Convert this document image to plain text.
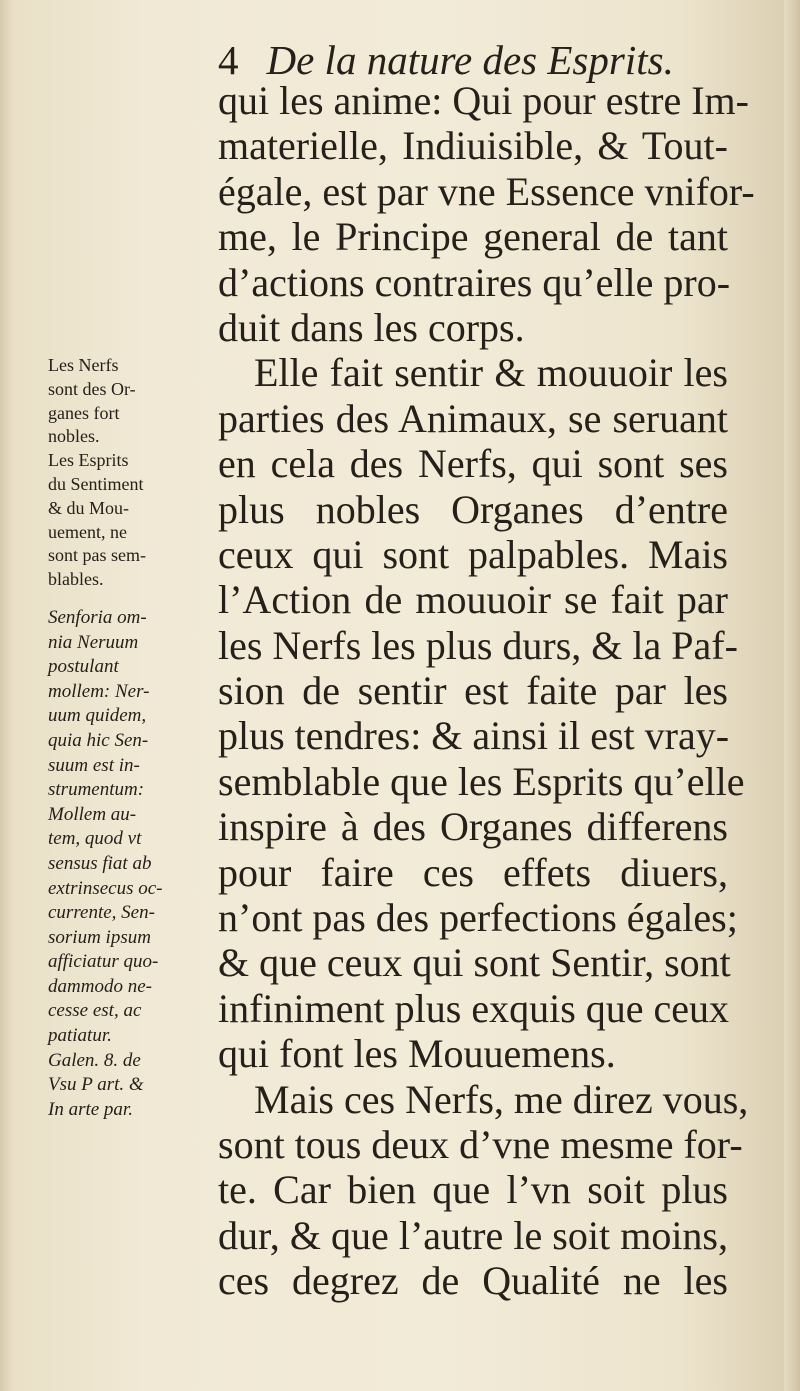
4 De la nature des Esprits.
qui les anime: Qui pour estre Im-
materielle, Indiuisible, & Tout-
égale, est par vne Essence vnifor-
me, le Principe general de tant
d’actions contraires qu’elle pro-
duit dans les corps.
Elle fait sentir & mouuoir les
parties des Animaux, se seruant
en cela des Nerfs, qui sont ses
plus nobles Organes d’entre
ceux qui sont palpables. Mais
l’Action de mouuoir se fait par
les Nerfs les plus durs, & la Paf-
sion de sentir est faite par les
plus tendres: & ainsi il est vray-
semblable que les Esprits qu’elle
inspire à des Organes differens
pour faire ces effets diuers,
n’ont pas des perfections égales;
& que ceux qui sont Sentir, sont
infiniment plus exquis que ceux
qui font les Mouuemens.
Mais ces Nerfs, me direz vous,
sont tous deux d’vne mesme for-
te. Car bien que l’vn soit plus
dur, & que l’autre le soit moins,
ces degrez de Qualité ne les
Les Nerfs
sont des Or-
ganes fort
nobles.
Les Esprits
du Sentiment
& du Mou-
uement, ne
sont pas sem-
blables.
Senforia om-
nia Neruum
postulant
mollem: Ner-
uum quidem,
quia hic Sen-
suum est in-
strumentum:
Mollem au-
tem, quod vt
sensus fiat ab
extrinsecus oc-
currente, Sen-
sorium ipsum
afficiatur quo-
dammodo ne-
cesse est, ac
patiatur.
Galen. 8. de
Vsu P art. &
In arte par.
